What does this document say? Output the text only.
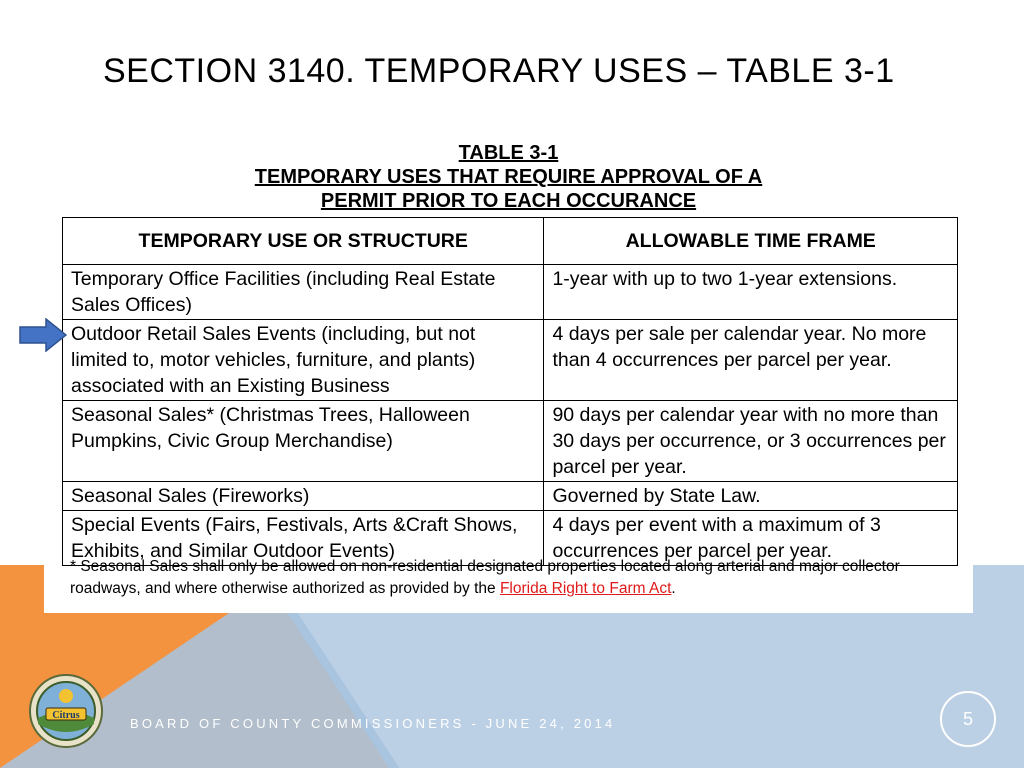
SECTION 3140. TEMPORARY USES – TABLE 3-1
TABLE 3-1
TEMPORARY USES THAT REQUIRE APPROVAL OF A
PERMIT PRIOR TO EACH OCCURANCE
TEMPORARY USE OR STRUCTURE	ALLOWABLE TIME FRAME
Temporary Office Facilities (including Real Estate Sales Offices)	1-year with up to two 1-year extensions.
Outdoor Retail Sales Events (including, but not limited to, motor vehicles, furniture, and plants) associated with an Existing Business	4 days per sale per calendar year. No more than 4 occurrences per parcel per year.
Seasonal Sales* (Christmas Trees, Halloween Pumpkins, Civic Group Merchandise)	90 days per calendar year with no more than 30 days per occurrence, or 3 occurrences per parcel per year.
Seasonal Sales (Fireworks)	Governed by State Law.
Special Events (Fairs, Festivals, Arts &Craft Shows, Exhibits, and Similar Outdoor Events)	4 days per event with a maximum of 3 occurrences per parcel per year.
* Seasonal Sales shall only be allowed on non-residential designated properties located along arterial and major collector roadways, and where otherwise authorized as provided by the Florida Right to Farm Act.
Citrus
BOARD OF COUNTY COMMISSIONERS - JUNE 24, 2014	5
